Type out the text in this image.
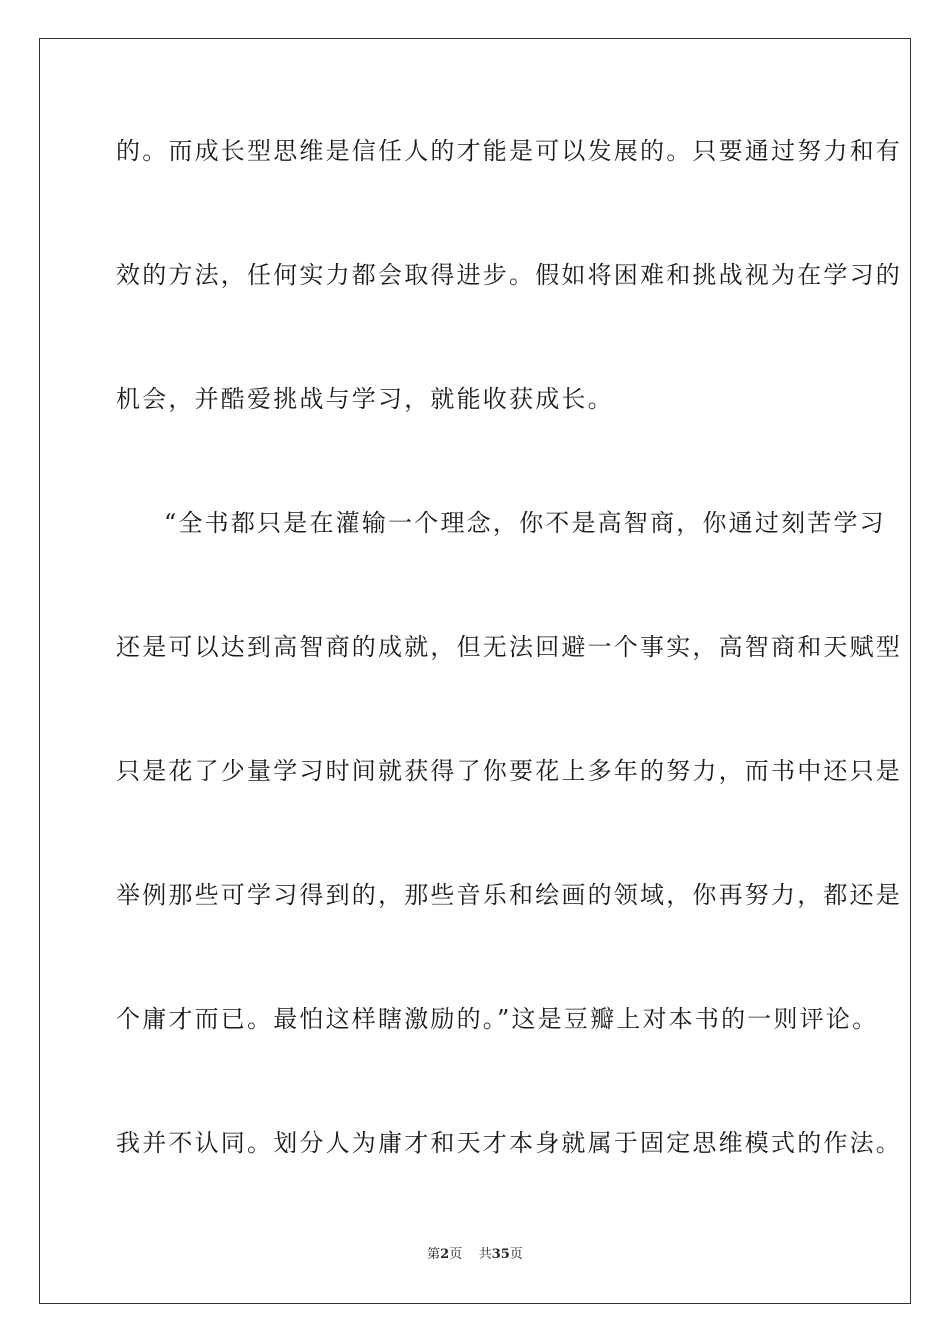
的。而成长型思维是信任人的才能是可以发展的。只要通过努力和有
效的方法，任何实力都会取得进步。假如将困难和挑战视为在学习的
机会，并酷爱挑战与学习，就能收获成长。
“全书都只是在灌输一个理念，你不是高智商，你通过刻苦学习
还是可以达到高智商的成就，但无法回避一个事实，高智商和天赋型
只是花了少量学习时间就获得了你要花上多年的努力，而书中还只是
举例那些可学习得到的，那些音乐和绘画的领域，你再努力，都还是
个庸才而已。最怕这样瞎激励的。”这是豆瓣上对本书的一则评论。
我并不认同。划分人为庸才和天才本身就属于固定思维模式的作法。
第2页 共35页
